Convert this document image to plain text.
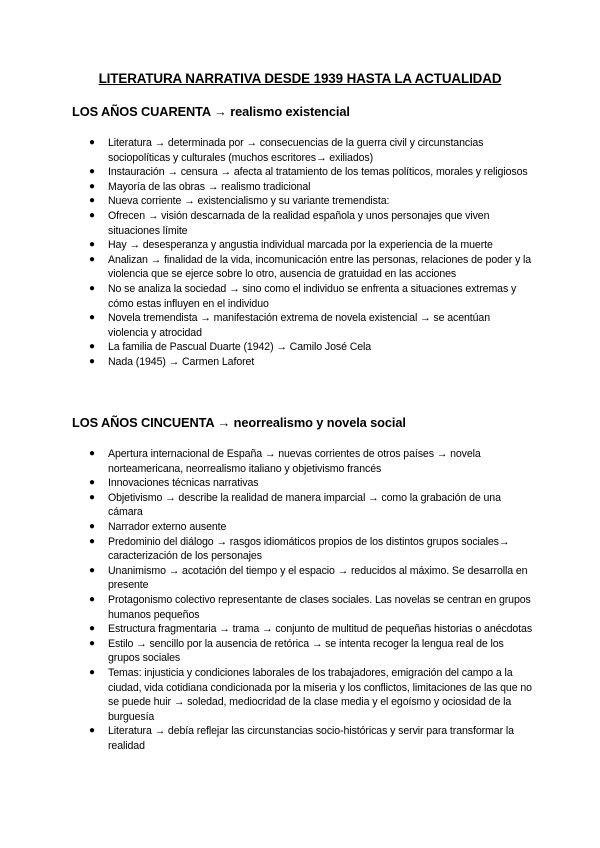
LITERATURA NARRATIVA DESDE 1939 HASTA LA ACTUALIDAD
LOS AÑOS CUARENTA → realismo existencial
● Literatura → determinada por → consecuencias de la guerra civil y circunstancias sociopolíticas y culturales (muchos escritores→ exiliados)
● Instauración → censura → afecta al tratamiento de los temas políticos, morales y religiosos
● Mayoría de las obras → realismo tradicional
● Nueva corriente → existencialismo y su variante tremendista:
● Ofrecen → visión descarnada de la realidad española y unos personajes que viven situaciones límite
● Hay → desesperanza y angustia individual marcada por la experiencia de la muerte
● Analizan → finalidad de la vida, incomunicación entre las personas, relaciones de poder y la violencia que se ejerce sobre lo otro, ausencia de gratuidad en las acciones
● No se analiza la sociedad → sino como el individuo se enfrenta a situaciones extremas y cómo estas influyen en el individuo
● Novela tremendista → manifestación extrema de novela existencial → se acentúan violencia y atrocidad
● La familia de Pascual Duarte (1942) → Camilo José Cela
● Nada (1945) → Carmen Laforet
LOS AÑOS CINCUENTA → neorrealismo y novela social
● Apertura internacional de España → nuevas corrientes de otros países → novela norteamericana, neorrealismo italiano y objetivismo francés
● Innovaciones técnicas narrativas
● Objetivismo → describe la realidad de manera imparcial → como la grabación de una cámara
● Narrador externo ausente
● Predominio del diálogo → rasgos idiomáticos propios de los distintos grupos sociales→ caracterización de los personajes
● Unanimismo → acotación del tiempo y el espacio → reducidos al máximo. Se desarrolla en presente
● Protagonismo colectivo representante de clases sociales. Las novelas se centran en grupos humanos pequeños
● Estructura fragmentaria → trama → conjunto de multitud de pequeñas historias o anécdotas
● Estilo → sencillo por la ausencia de retórica → se intenta recoger la lengua real de los grupos sociales
● Temas: injusticia y condiciones laborales de los trabajadores, emigración del campo a la ciudad, vida cotidiana condicionada por la miseria y los conflictos, limitaciones de las que no se puede huir → soledad, mediocridad de la clase media y el egoísmo y ociosidad de la burguesía
● Literatura → debía reflejar las circunstancias socio-históricas y servir para transformar la realidad
